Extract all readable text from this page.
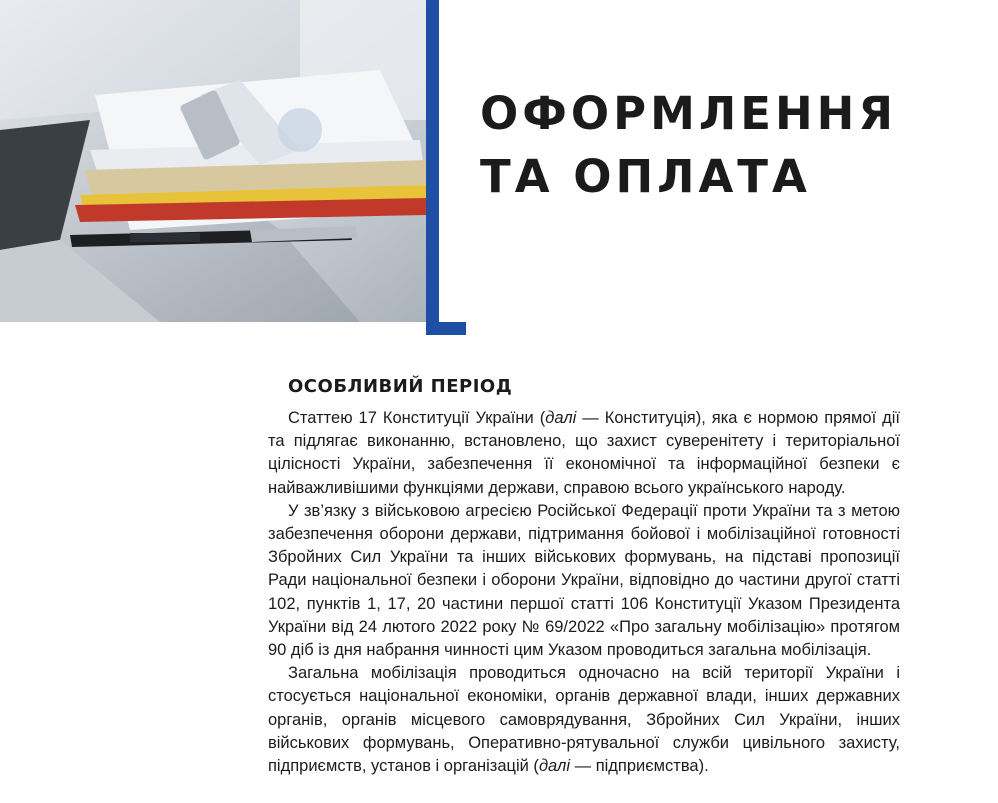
ОФОРМЛЕННЯ
ТА ОПЛАТА
ОСОБЛИВИЙ ПЕРІОД

Статтею 17 Конституції України (далі — Конституція), яка є нормою прямої дії та підлягає виконанню, встановлено, що захист суверенітету і територіальної цілісності України, забезпечення її економічної та інформаційної безпеки є найважливішими функціями держави, справою всього українського народу.

У зв’язку з військовою агресією Російської Федерації проти України та з метою забезпечення оборони держави, підтримання бойової і мобілізаційної готовності Збройних Сил України та інших військових формувань, на підставі пропозиції Ради національної безпеки і оборони України, відповідно до частини другої статті 102, пунктів 1, 17, 20 частини першої статті 106 Конституції Указом Президента України від 24 лютого 2022 року № 69/2022 «Про загальну мобілізацію» протягом 90 діб із дня набрання чинності цим Указом проводиться загальна мобілізація.

Загальна мобілізація проводиться одночасно на всій території України і стосується національної економіки, органів державної влади, інших державних органів, органів місцевого самоврядування, Збройних Сил України, інших військових формувань, Оперативно-рятувальної служби цивільного захисту, підприємств, установ і організацій (далі — підприємства).
